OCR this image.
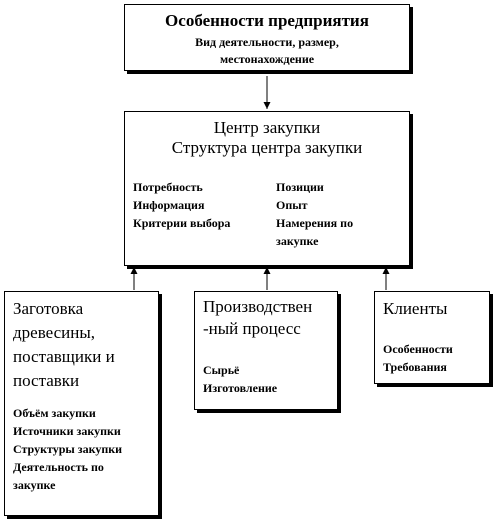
Особенности предприятия
Вид деятельности, размер,
местонахождение
Центр закупки
Структура центра закупки
Потребность
Информация
Критерии выбора
Позиции
Опыт
Намерения по
закупке
Заготовка
древесины,
поставщики и
поставки
Объём закупки
Источники закупки
Структуры закупки
Деятельность по
закупке
Производствен
-ный процесс
Сырьё
Изготовление
Клиенты
Особенности
Требования
